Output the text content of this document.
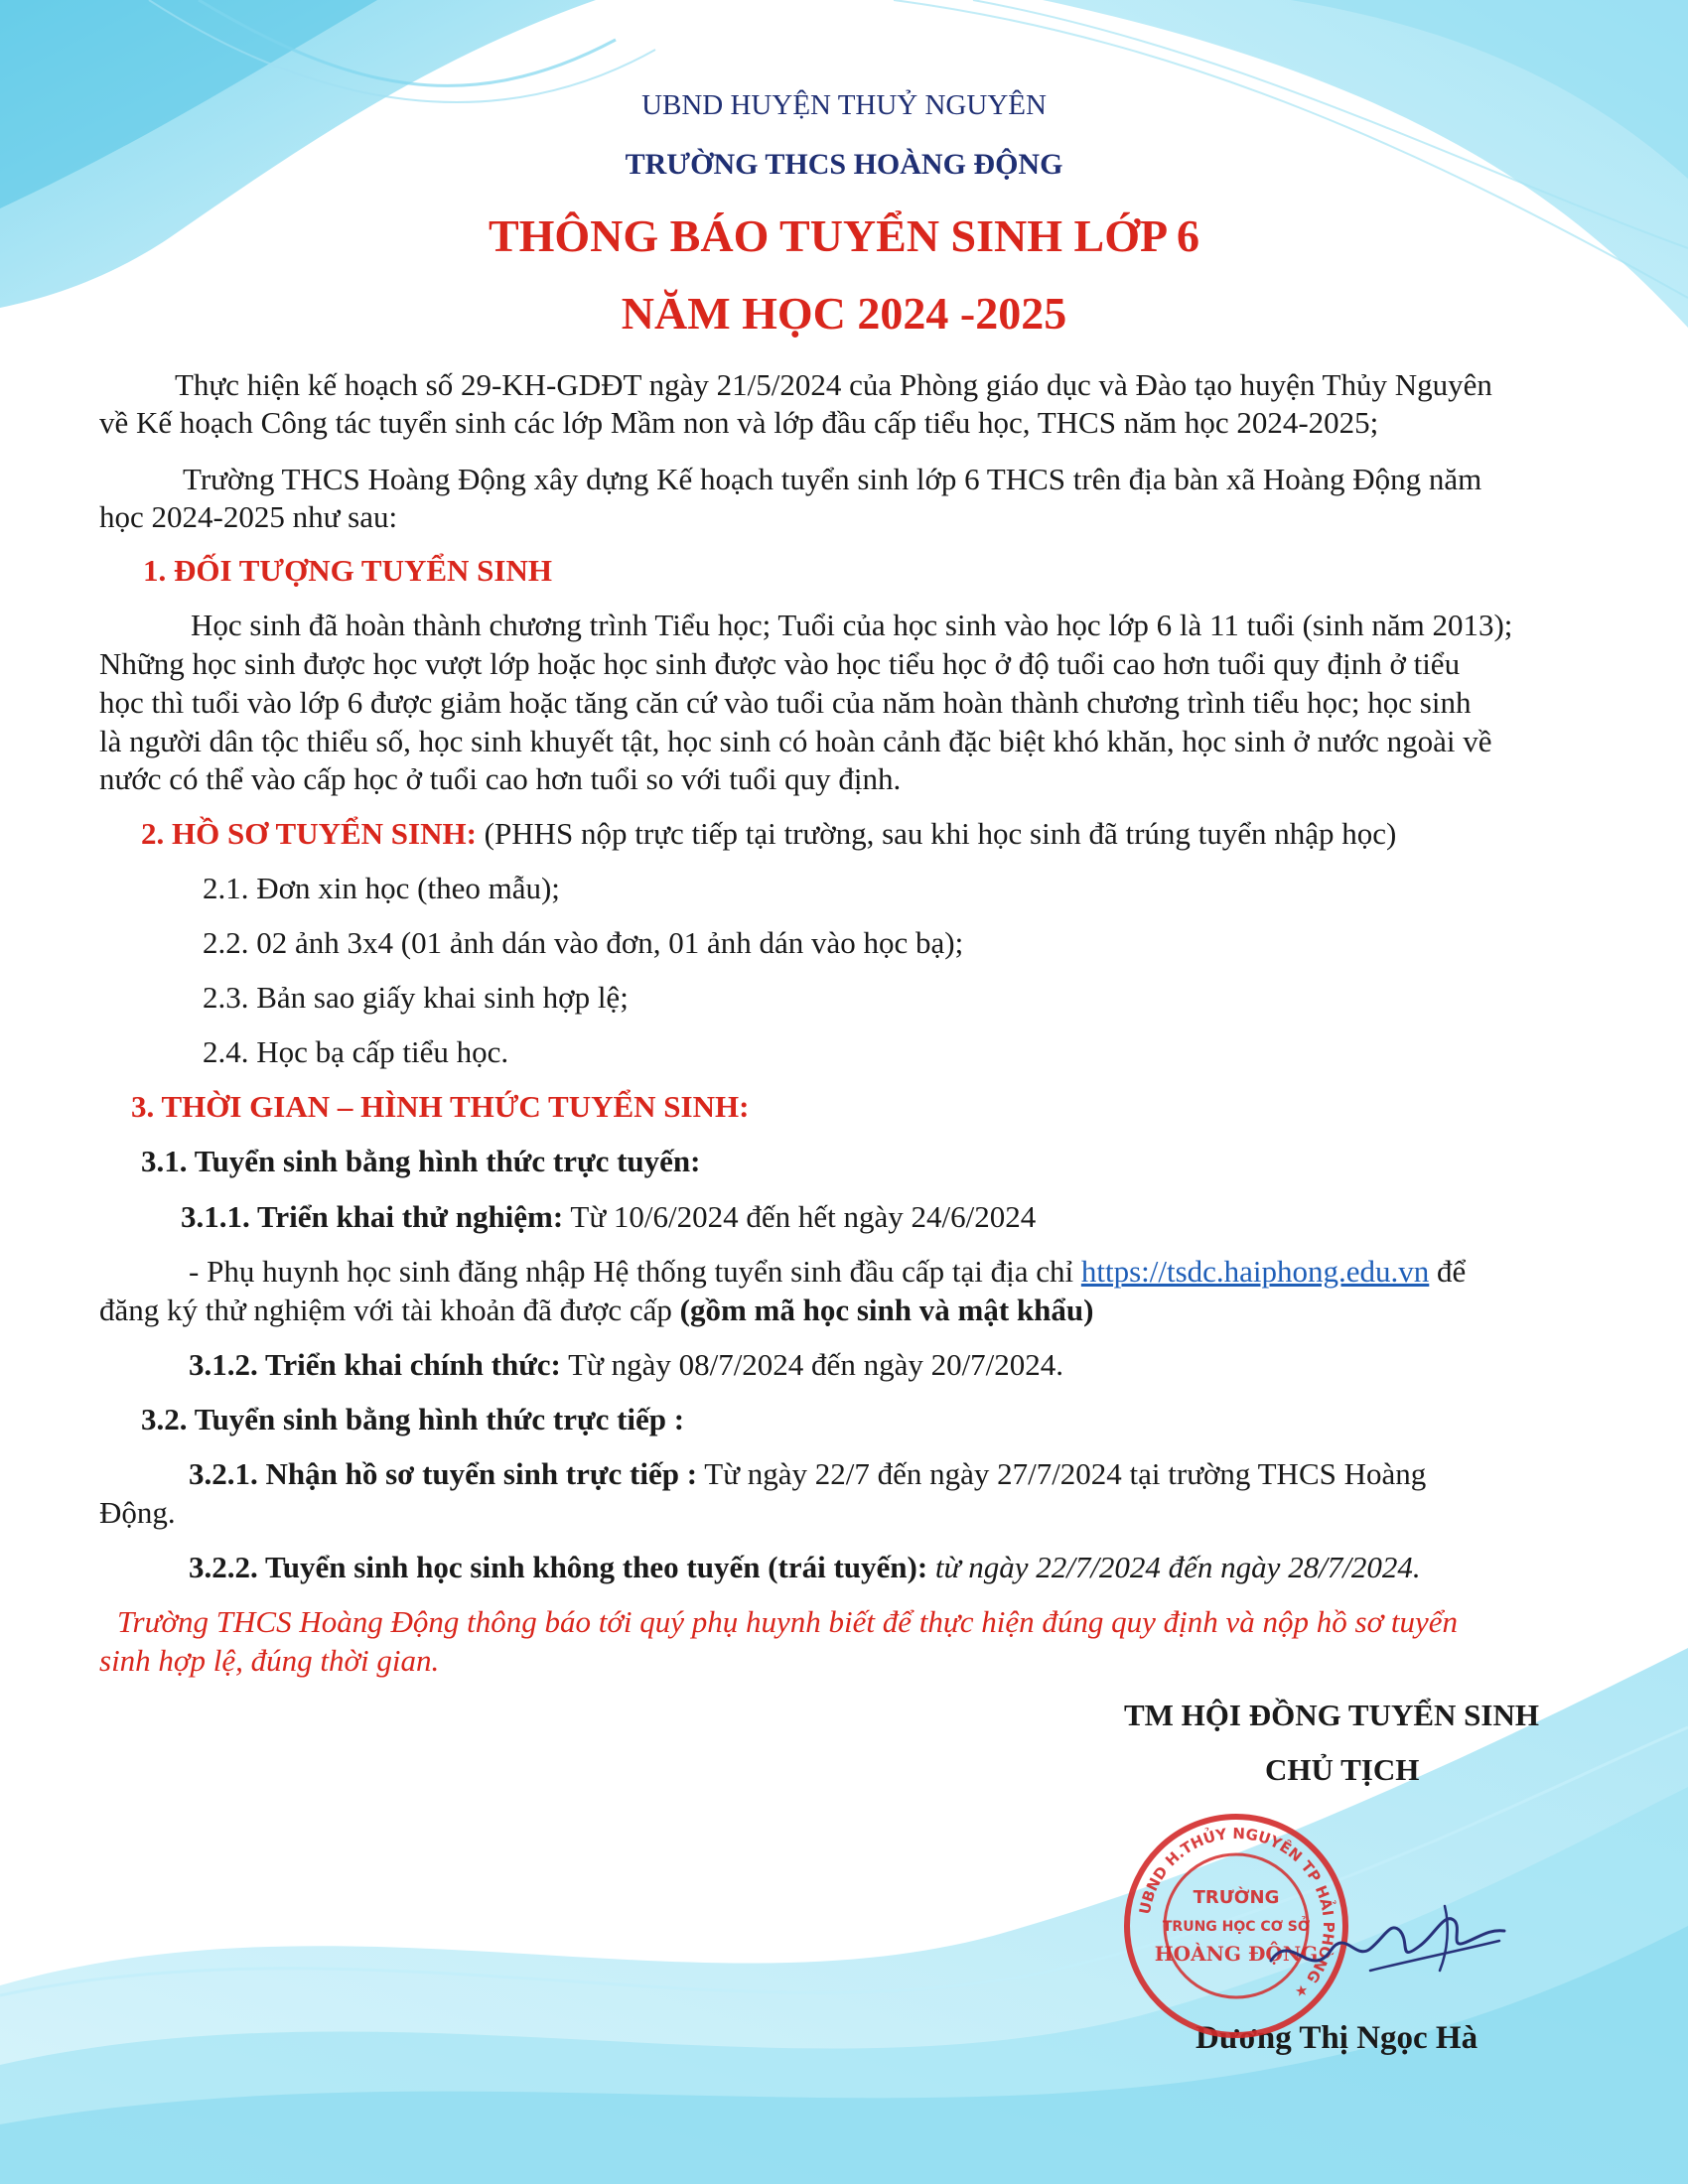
UBND HUYỆN THUỶ NGUYÊN

TRƯỜNG THCS HOÀNG ĐỘNG

THÔNG BÁO TUYỂN SINH LỚP 6

NĂM HỌC 2024 -2025

Thực hiện kế hoạch số 29-KH-GDĐT ngày 21/5/2024 của Phòng giáo dục và Đào tạo huyện Thủy Nguyên

về Kế hoạch Công tác tuyển sinh các lớp Mầm non và lớp đầu cấp tiểu học, THCS năm học 2024-2025;

Trường THCS Hoàng Động xây dựng Kế hoạch tuyển sinh lớp 6 THCS trên địa bàn xã Hoàng Động năm

học 2024-2025 như sau:

1. ĐỐI TƯỢNG TUYỂN SINH

Học sinh đã hoàn thành chương trình Tiểu học; Tuổi của học sinh vào học lớp 6 là 11 tuổi (sinh năm 2013);

Những học sinh được học vượt lớp hoặc học sinh được vào học tiểu học ở độ tuổi cao hơn tuổi quy định ở tiểu

học thì tuổi vào lớp 6 được giảm hoặc tăng căn cứ vào tuổi của năm hoàn thành chương trình tiểu học; học sinh

là người dân tộc thiểu số, học sinh khuyết tật, học sinh có hoàn cảnh đặc biệt khó khăn, học sinh ở nước ngoài về

nước có thể vào cấp học ở tuổi cao hơn tuổi so với tuổi quy định.

2. HỒ SƠ TUYỂN SINH: (PHHS nộp trực tiếp tại trường, sau khi học sinh đã trúng tuyển nhập học)

2.1. Đơn xin học (theo mẫu);

2.2. 02 ảnh 3x4 (01 ảnh dán vào đơn, 01 ảnh dán vào học bạ);

2.3. Bản sao giấy khai sinh hợp lệ;

2.4. Học bạ cấp tiểu học.

3. THỜI GIAN – HÌNH THỨC TUYỂN SINH:

3.1. Tuyển sinh bằng hình thức trực tuyến:

3.1.1. Triển khai thử nghiệm: Từ 10/6/2024 đến hết ngày 24/6/2024

- Phụ huynh học sinh đăng nhập Hệ thống tuyển sinh đầu cấp tại địa chỉ https://tsdc.haiphong.edu.vn để

đăng ký thử nghiệm với tài khoản đã được cấp (gồm mã học sinh và mật khẩu)

3.1.2. Triển khai chính thức: Từ ngày 08/7/2024 đến ngày 20/7/2024.

3.2. Tuyển sinh bằng hình thức trực tiếp :

3.2.1. Nhận hồ sơ tuyển sinh trực tiếp : Từ ngày 22/7 đến ngày 27/7/2024 tại trường THCS Hoàng

Động.

3.2.2. Tuyển sinh học sinh không theo tuyến (trái tuyến): từ ngày 22/7/2024 đến ngày 28/7/2024.

Trường THCS Hoàng Động thông báo tới quý phụ huynh biết để thực hiện đúng quy định và nộp hồ sơ tuyển

sinh hợp lệ, đúng thời gian.

TM HỘI ĐỒNG TUYỂN SINH

CHỦ TỊCH

Dương Thị Ngọc Hà

UBND H.THỦY NGUYÊN TP HẢI PHÒNG ★
TRƯỜNG
TRUNG HỌC CƠ SỞ
HOÀNG ĐỘNG
